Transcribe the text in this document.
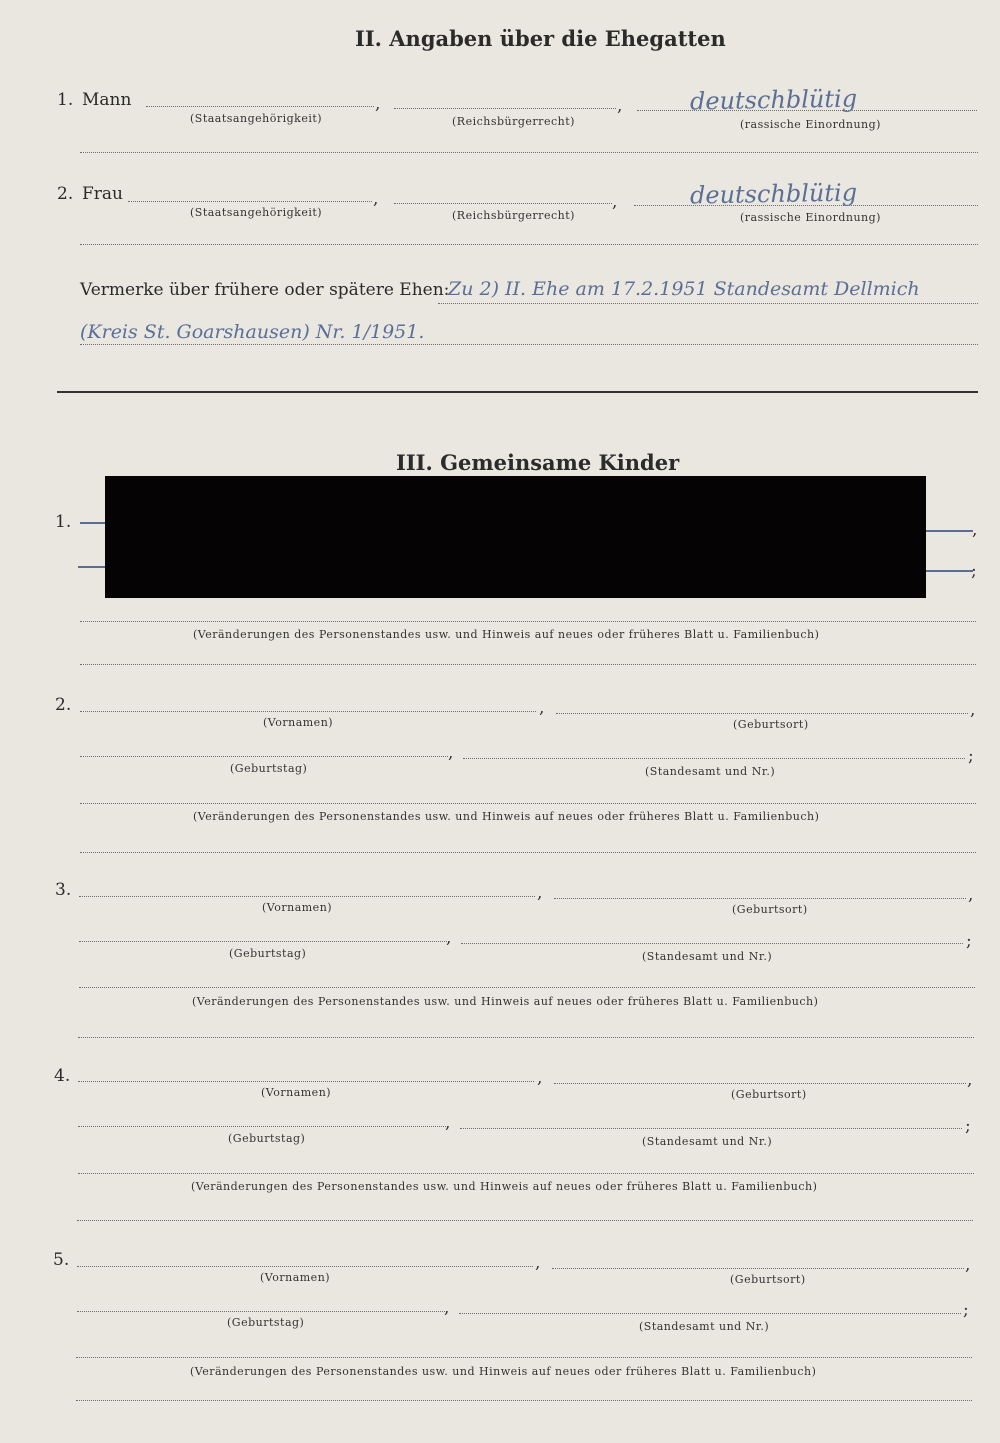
II. Angaben über die Ehegatten
1. Mann	,	,	deutschblütig
(Staatsangehörigkeit)	(Reichsbürgerrecht)	(rassische Einordnung)
2. Frau	,	,	deutschblütig
(Staatsangehörigkeit)	(Reichsbürgerrecht)	(rassische Einordnung)
Vermerke über frühere oder spätere Ehen:
Zu 2) II. Ehe am 17.2.1951 Standesamt Dellmich
(Kreis St. Goarshausen) Nr. 1/1951.
III. Gemeinsame Kinder
1.	,
;
(Veränderungen des Personenstandes usw. und Hinweis auf neues oder früheres Blatt u. Familienbuch)
2.	,	,
(Vornamen)	(Geburtsort)
,	;
(Geburtstag)	(Standesamt und Nr.)
(Veränderungen des Personenstandes usw. und Hinweis auf neues oder früheres Blatt u. Familienbuch)
3.	,	,
(Vornamen)	(Geburtsort)
,	;
(Geburtstag)	(Standesamt und Nr.)
(Veränderungen des Personenstandes usw. und Hinweis auf neues oder früheres Blatt u. Familienbuch)
4.	,	,
(Vornamen)	(Geburtsort)
,	;
(Geburtstag)	(Standesamt und Nr.)
(Veränderungen des Personenstandes usw. und Hinweis auf neues oder früheres Blatt u. Familienbuch)
5.	,	,
(Vornamen)	(Geburtsort)
,	;
(Geburtstag)	(Standesamt und Nr.)
(Veränderungen des Personenstandes usw. und Hinweis auf neues oder früheres Blatt u. Familienbuch)
